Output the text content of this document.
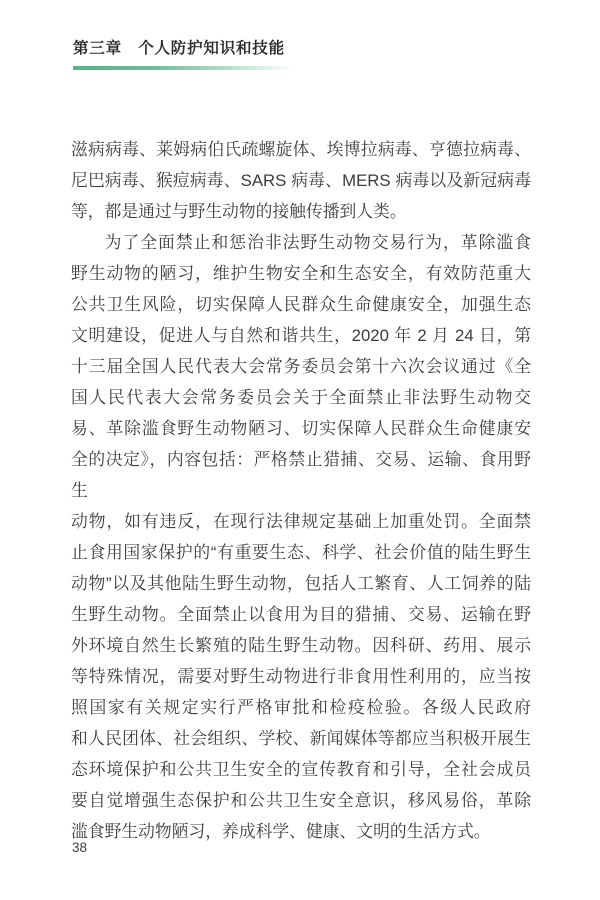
第三章　个人防护知识和技能

滋病病毒、莱姆病伯氏疏螺旋体、埃博拉病毒、亨德拉病毒、

尼巴病毒、猴痘病毒、SARS 病毒、MERS 病毒以及新冠病毒

等，都是通过与野生动物的接触传播到人类。

为了全面禁止和惩治非法野生动物交易行为，革除滥食

野生动物的陋习，维护生物安全和生态安全，有效防范重大

公共卫生风险，切实保障人民群众生命健康安全，加强生态

文明建设，促进人与自然和谐共生，2020 年 2 月 24 日，第

十三届全国人民代表大会常务委员会第十六次会议通过《全

国人民代表大会常务委员会关于全面禁止非法野生动物交

易、革除滥食野生动物陋习、切实保障人民群众生命健康安

全的决定》，内容包括：严格禁止猎捕、交易、运输、食用野生

动物，如有违反，在现行法律规定基础上加重处罚。全面禁

止食用国家保护的“有重要生态、科学、社会价值的陆生野生

动物”以及其他陆生野生动物，包括人工繁育、人工饲养的陆

生野生动物。全面禁止以食用为目的猎捕、交易、运输在野

外环境自然生长繁殖的陆生野生动物。因科研、药用、展示

等特殊情况，需要对野生动物进行非食用性利用的，应当按

照国家有关规定实行严格审批和检疫检验。各级人民政府

和人民团体、社会组织、学校、新闻媒体等都应当积极开展生

态环境保护和公共卫生安全的宣传教育和引导，全社会成员

要自觉增强生态保护和公共卫生安全意识，移风易俗，革除

滥食野生动物陋习，养成科学、健康、文明的生活方式。

38
